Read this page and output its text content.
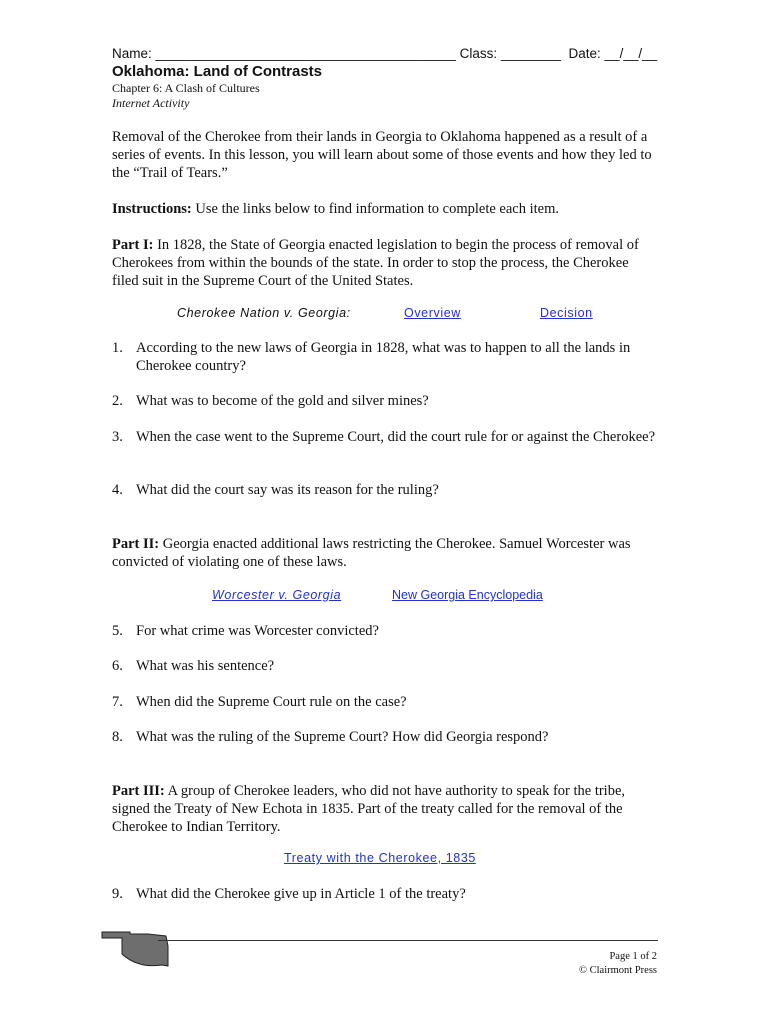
Name: ________________________________________ Class: ________ Date: __/__/__
Oklahoma: Land of Contrasts
Chapter 6: A Clash of Cultures
Internet Activity
Removal of the Cherokee from their lands in Georgia to Oklahoma happened as a result of a series of events. In this lesson, you will learn about some of those events and how they led to the “Trail of Tears.”
Instructions: Use the links below to find information to complete each item.
Part I: In 1828, the State of Georgia enacted legislation to begin the process of removal of Cherokees from within the bounds of the state. In order to stop the process, the Cherokee filed suit in the Supreme Court of the United States.
Cherokee Nation v. Georgia:	Overview	Decision
1. According to the new laws of Georgia in 1828, what was to happen to all the lands in Cherokee country?
2. What was to become of the gold and silver mines?
3. When the case went to the Supreme Court, did the court rule for or against the Cherokee?
4. What did the court say was its reason for the ruling?
Part II: Georgia enacted additional laws restricting the Cherokee. Samuel Worcester was convicted of violating one of these laws.
Worcester v. Georgia	New Georgia Encyclopedia
5. For what crime was Worcester convicted?
6. What was his sentence?
7. When did the Supreme Court rule on the case?
8. What was the ruling of the Supreme Court? How did Georgia respond?
Part III: A group of Cherokee leaders, who did not have authority to speak for the tribe, signed the Treaty of New Echota in 1835. Part of the treaty called for the removal of the Cherokee to Indian Territory.
Treaty with the Cherokee, 1835
9. What did the Cherokee give up in Article 1 of the treaty?
Page 1 of 2
© Clairmont Press
